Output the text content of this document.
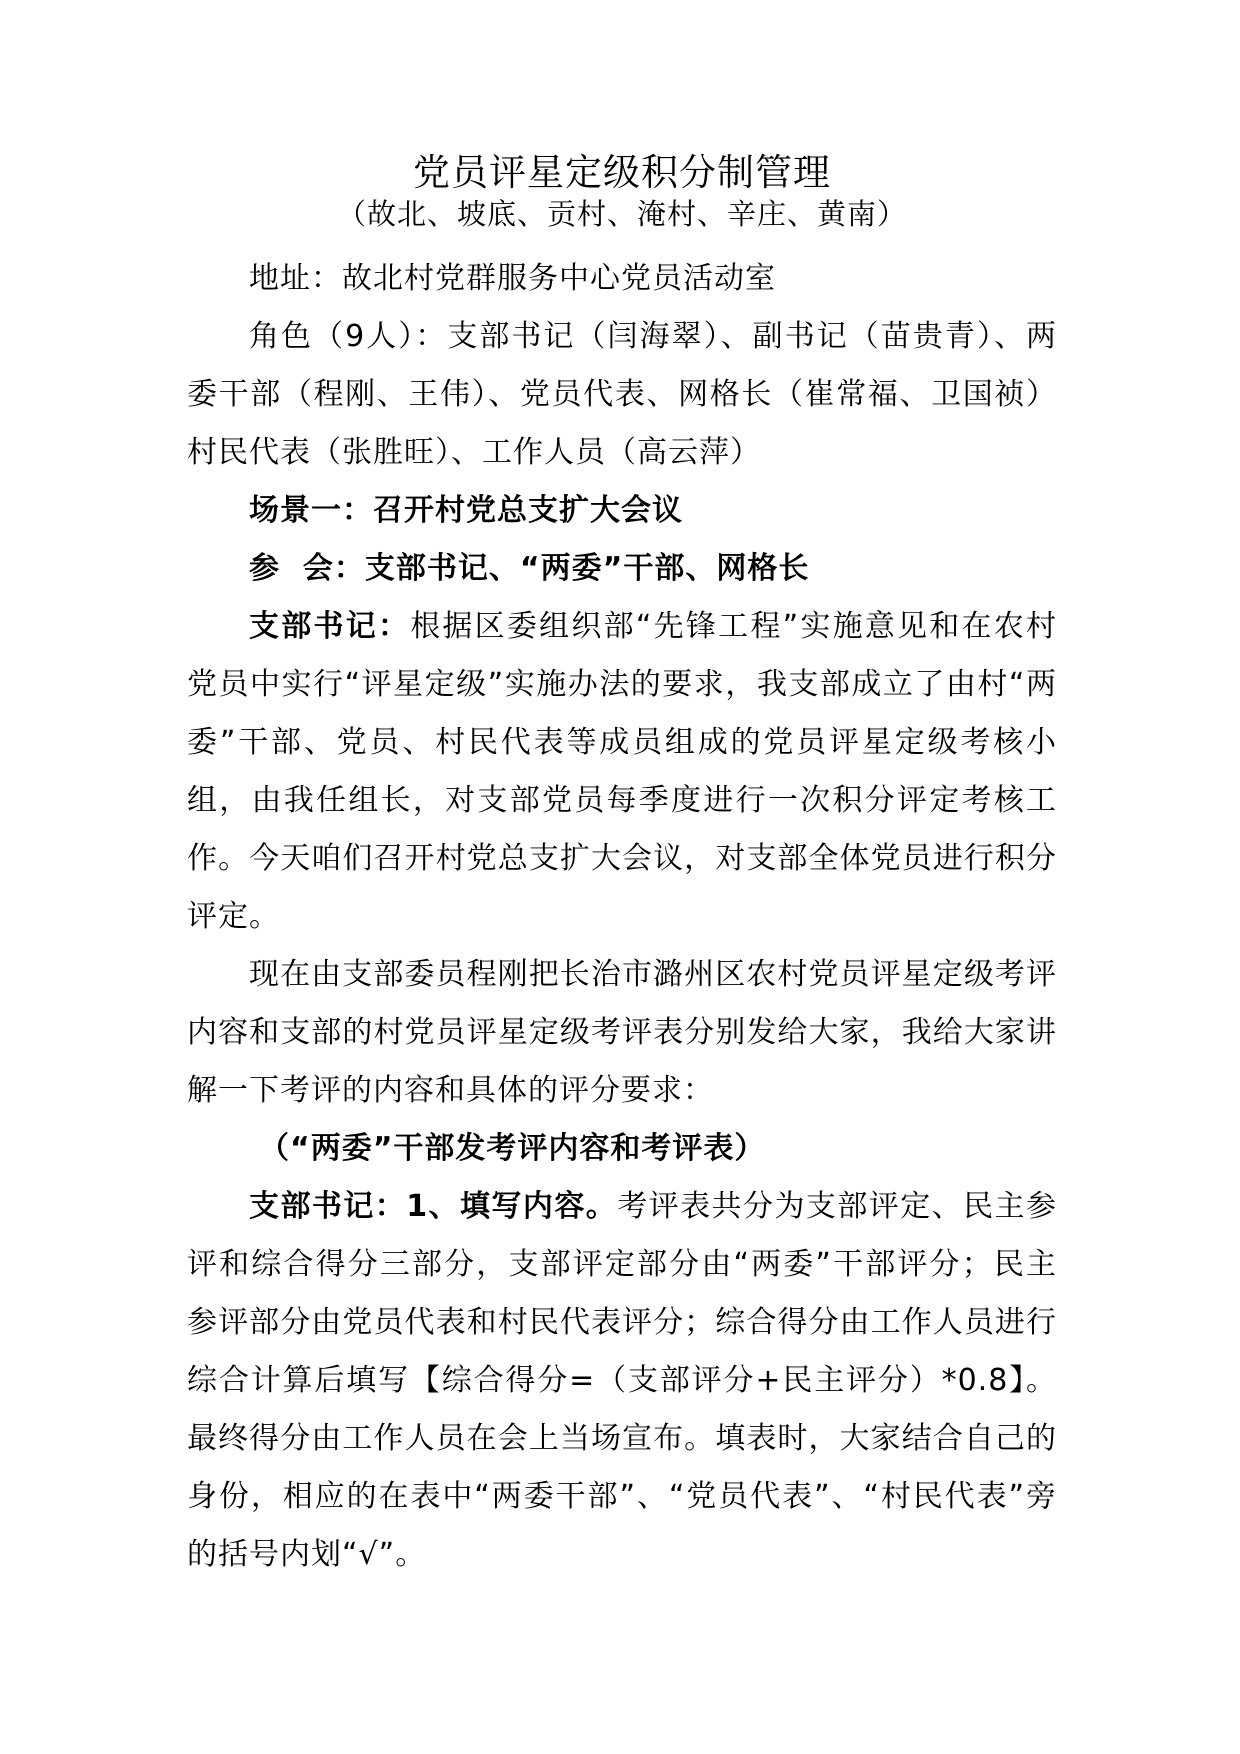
党员评星定级积分制管理
（故北、坡底、贡村、淹村、辛庄、黄南）

地址：故北村党群服务中心党员活动室

角色（9人）：支部书记（闫海翠）、副书记（苗贵青）、两委干部（程刚、王伟）、党员代表、网格长（崔常福、卫国祯）村民代表（张胜旺）、工作人员（高云萍）

场景一：召开村党总支扩大会议

参  会：支部书记、“两委”干部、网格长

支部书记：根据区委组织部“先锋工程”实施意见和在农村党员中实行“评星定级”实施办法的要求，我支部成立了由村“两委”干部、党员、村民代表等成员组成的党员评星定级考核小组，由我任组长，对支部党员每季度进行一次积分评定考核工作。今天咱们召开村党总支扩大会议，对支部全体党员进行积分评定。

现在由支部委员程刚把长治市潞州区农村党员评星定级考评内容和支部的村党员评星定级考评表分别发给大家，我给大家讲解一下考评的内容和具体的评分要求：

（“两委”干部发考评内容和考评表）

支部书记：1、填写内容。考评表共分为支部评定、民主参评和综合得分三部分，支部评定部分由“两委”干部评分；民主参评部分由党员代表和村民代表评分；综合得分由工作人员进行综合计算后填写【综合得分=（支部评分+民主评分）*0.8】。最终得分由工作人员在会上当场宣布。填表时，大家结合自己的身份，相应的在表中“两委干部”、“党员代表”、“村民代表”旁的括号内划“√”。
